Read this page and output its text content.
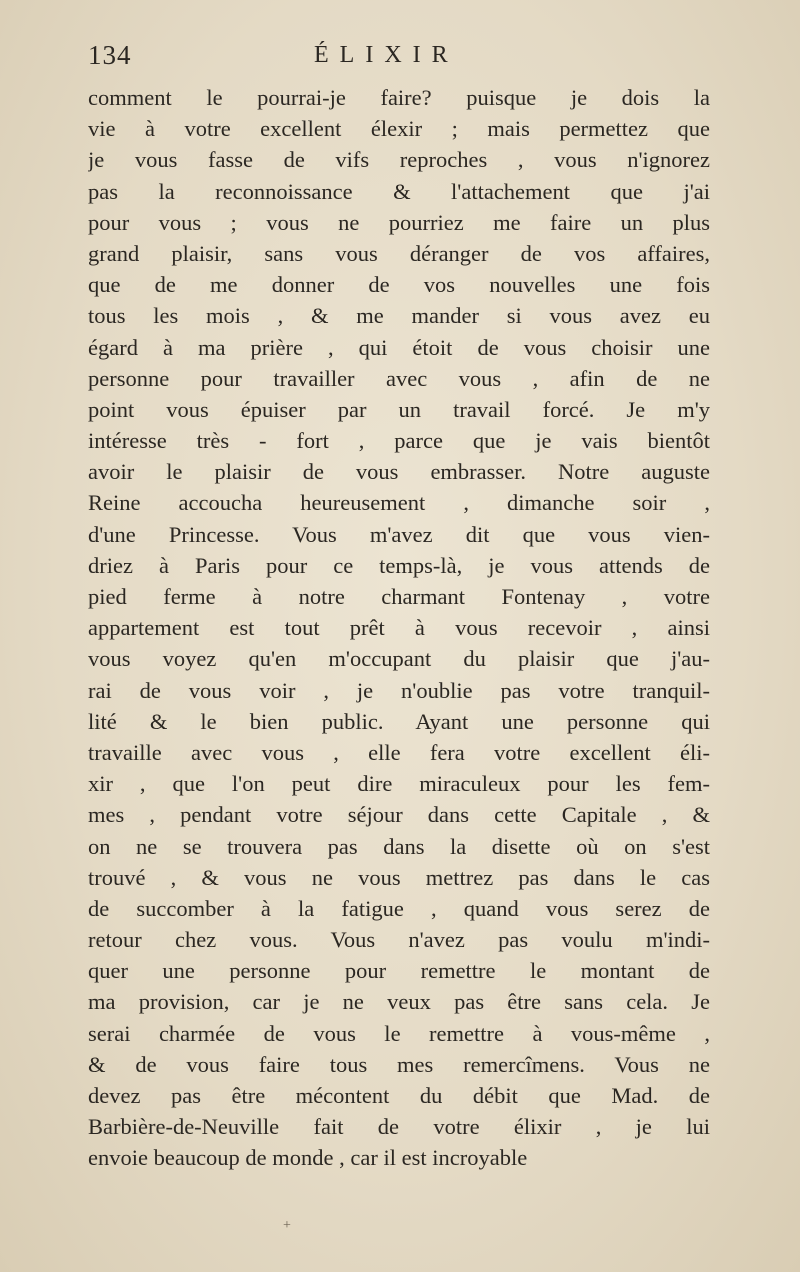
134	ÉLIXIR
comment le pourrai-je faire? puisque je dois la
vie à votre excellent élexir ; mais permettez que
je vous fasse de vifs reproches , vous n'ignorez
pas la reconnoissance & l'attachement que j'ai
pour vous ; vous ne pourriez me faire un plus
grand plaisir, sans vous déranger de vos affaires,
que de me donner de vos nouvelles une fois
tous les mois , & me mander si vous avez eu
égard à ma prière , qui étoit de vous choisir une
personne pour travailler avec vous , afin de ne
point vous épuiser par un travail forcé. Je m'y
intéresse très - fort , parce que je vais bientôt
avoir le plaisir de vous embrasser. Notre auguste
Reine accoucha heureusement , dimanche soir ,
d'une Princesse. Vous m'avez dit que vous vien-
driez à Paris pour ce temps-là, je vous attends de
pied ferme à notre charmant Fontenay , votre
appartement est tout prêt à vous recevoir , ainsi
vous voyez qu'en m'occupant du plaisir que j'au-
rai de vous voir , je n'oublie pas votre tranquil-
lité & le bien public. Ayant une personne qui
travaille avec vous , elle fera votre excellent éli-
xir , que l'on peut dire miraculeux pour les fem-
mes , pendant votre séjour dans cette Capitale , &
on ne se trouvera pas dans la disette où on s'est
trouvé , & vous ne vous mettrez pas dans le cas
de succomber à la fatigue , quand vous serez de
retour chez vous. Vous n'avez pas voulu m'indi-
quer une personne pour remettre le montant de
ma provision, car je ne veux pas être sans cela. Je
serai charmée de vous le remettre à vous-même ,
& de vous faire tous mes remercîmens. Vous ne
devez pas être mécontent du débit que Mad. de
Barbière-de-Neuville fait de votre élixir , je lui
envoie beaucoup de monde , car il est incroyable
+
